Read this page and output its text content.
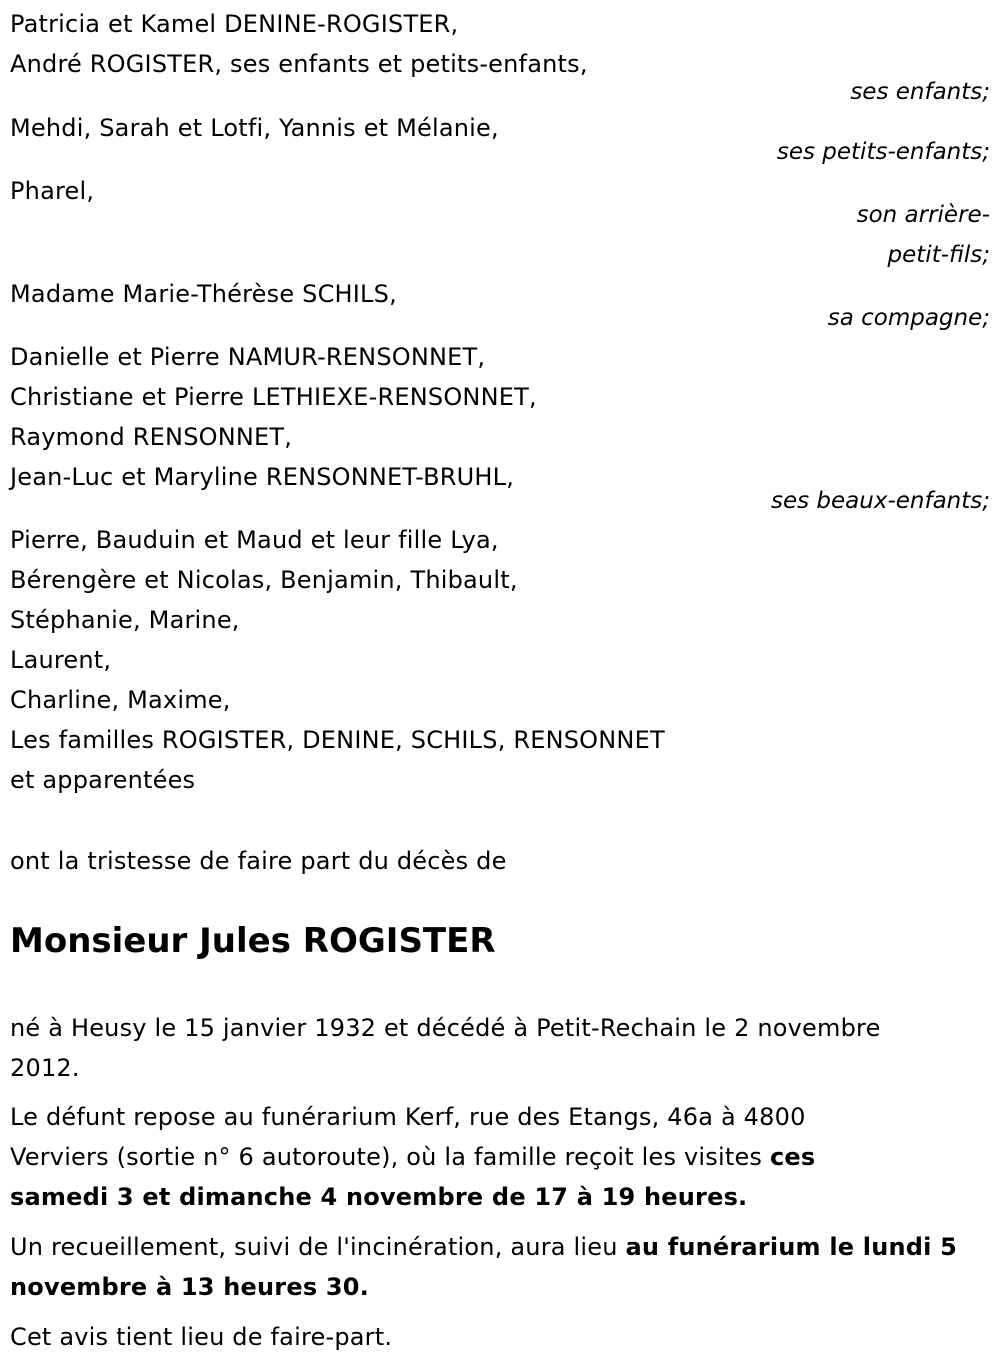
Patricia et Kamel DENINE-ROGISTER,
André ROGISTER, ses enfants et petits-enfants,
ses enfants;
Mehdi, Sarah et Lotfi, Yannis et Mélanie,
ses petits-enfants;
Pharel,
son arrière-
petit-fils;
Madame Marie-Thérèse SCHILS,
sa compagne;
Danielle et Pierre NAMUR-RENSONNET,
Christiane et Pierre LETHIEXE-RENSONNET,
Raymond RENSONNET,
Jean-Luc et Maryline RENSONNET-BRUHL,
ses beaux-enfants;
Pierre, Bauduin et Maud et leur fille Lya,
Bérengère et Nicolas, Benjamin, Thibault,
Stéphanie, Marine,
Laurent,
Charline, Maxime,
Les familles ROGISTER, DENINE, SCHILS, RENSONNET
et apparentées
ont la tristesse de faire part du décès de
Monsieur Jules ROGISTER

né à Heusy le 15 janvier 1932 et décédé à Petit-Rechain le 2 novembre 2012.

Le défunt repose au funérarium Kerf, rue des Etangs, 46a à 4800 Verviers (sortie n° 6 autoroute), où la famille reçoit les visites ces samedi 3 et dimanche 4 novembre de 17 à 19 heures.

Un recueillement, suivi de l'incinération, aura lieu au funérarium le lundi 5 novembre à 13 heures 30.

Cet avis tient lieu de faire-part.
